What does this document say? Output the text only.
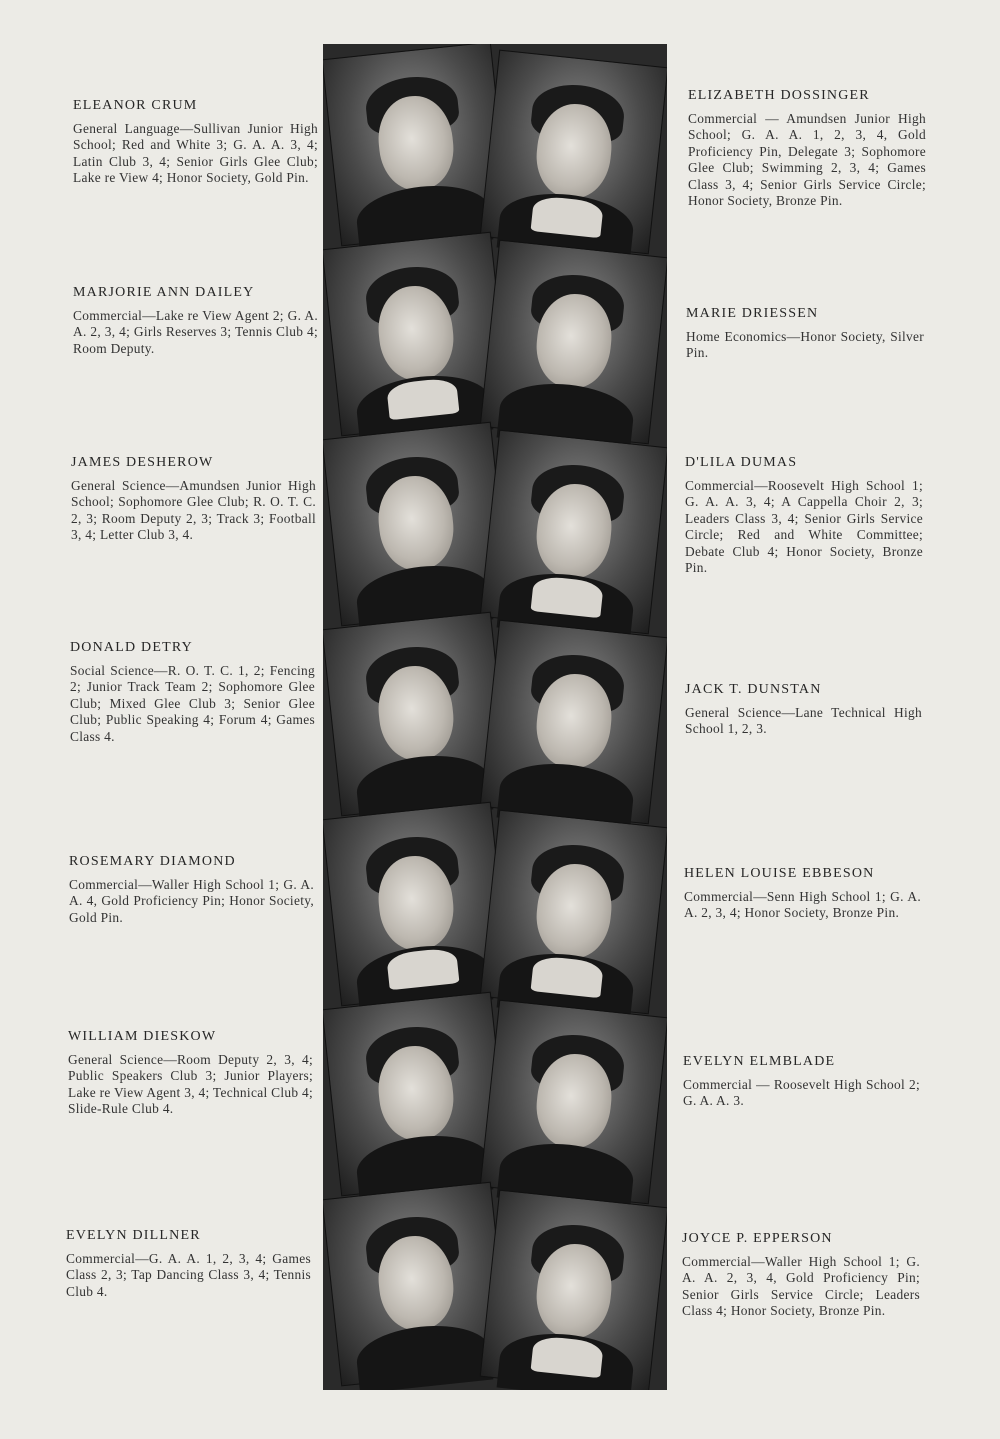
ELEANOR CRUM
General Language—Sullivan Junior High School; Red and White 3; G. A. A. 3, 4; Latin Club 3, 4; Senior Girls Glee Club; Lake re View 4; Honor Society, Gold Pin.
MARJORIE ANN DAILEY
Commercial—Lake re View Agent 2; G. A. A. 2, 3, 4; Girls Reserves 3; Tennis Club 4; Room Deputy.
JAMES DESHEROW
General Science—Amundsen Junior High School; Sophomore Glee Club; R. O. T. C. 2, 3; Room Deputy 2, 3; Track 3; Football 3, 4; Letter Club 3, 4.
DONALD DETRY
Social Science—R. O. T. C. 1, 2; Fencing 2; Junior Track Team 2; Sophomore Glee Club; Mixed Glee Club 3; Senior Glee Club; Public Speaking 4; Forum 4; Games Class 4.
ROSEMARY DIAMOND
Commercial—Waller High School 1; G. A. A. 4, Gold Proficiency Pin; Honor Society, Gold Pin.
WILLIAM DIESKOW
General Science—Room Deputy 2, 3, 4; Public Speakers Club 3; Junior Players; Lake re View Agent 3, 4; Technical Club 4; Slide-Rule Club 4.
EVELYN DILLNER
Commercial—G. A. A. 1, 2, 3, 4; Games Class 2, 3; Tap Dancing Class 3, 4; Tennis Club 4.
ELIZABETH DOSSINGER
Commercial — Amundsen Junior High School; G. A. A. 1, 2, 3, 4, Gold Proficiency Pin, Delegate 3; Sophomore Glee Club; Swimming 2, 3, 4; Games Class 3, 4; Senior Girls Service Circle; Honor Society, Bronze Pin.
MARIE DRIESSEN
Home Economics—Honor Society, Silver Pin.
D'LILA DUMAS
Commercial—Roosevelt High School 1; G. A. A. 3, 4; A Cappella Choir 2, 3; Leaders Class 3, 4; Senior Girls Service Circle; Red and White Committee; Debate Club 4; Honor Society, Bronze Pin.
JACK T. DUNSTAN
General Science—Lane Technical High School 1, 2, 3.
HELEN LOUISE EBBESON
Commercial—Senn High School 1; G. A. A. 2, 3, 4; Honor Society, Bronze Pin.
EVELYN ELMBLADE
Commercial — Roosevelt High School 2; G. A. A. 3.
JOYCE P. EPPERSON
Commercial—Waller High School 1; G. A. A. 2, 3, 4, Gold Proficiency Pin; Senior Girls Service Circle; Leaders Class 4; Honor Society, Bronze Pin.
